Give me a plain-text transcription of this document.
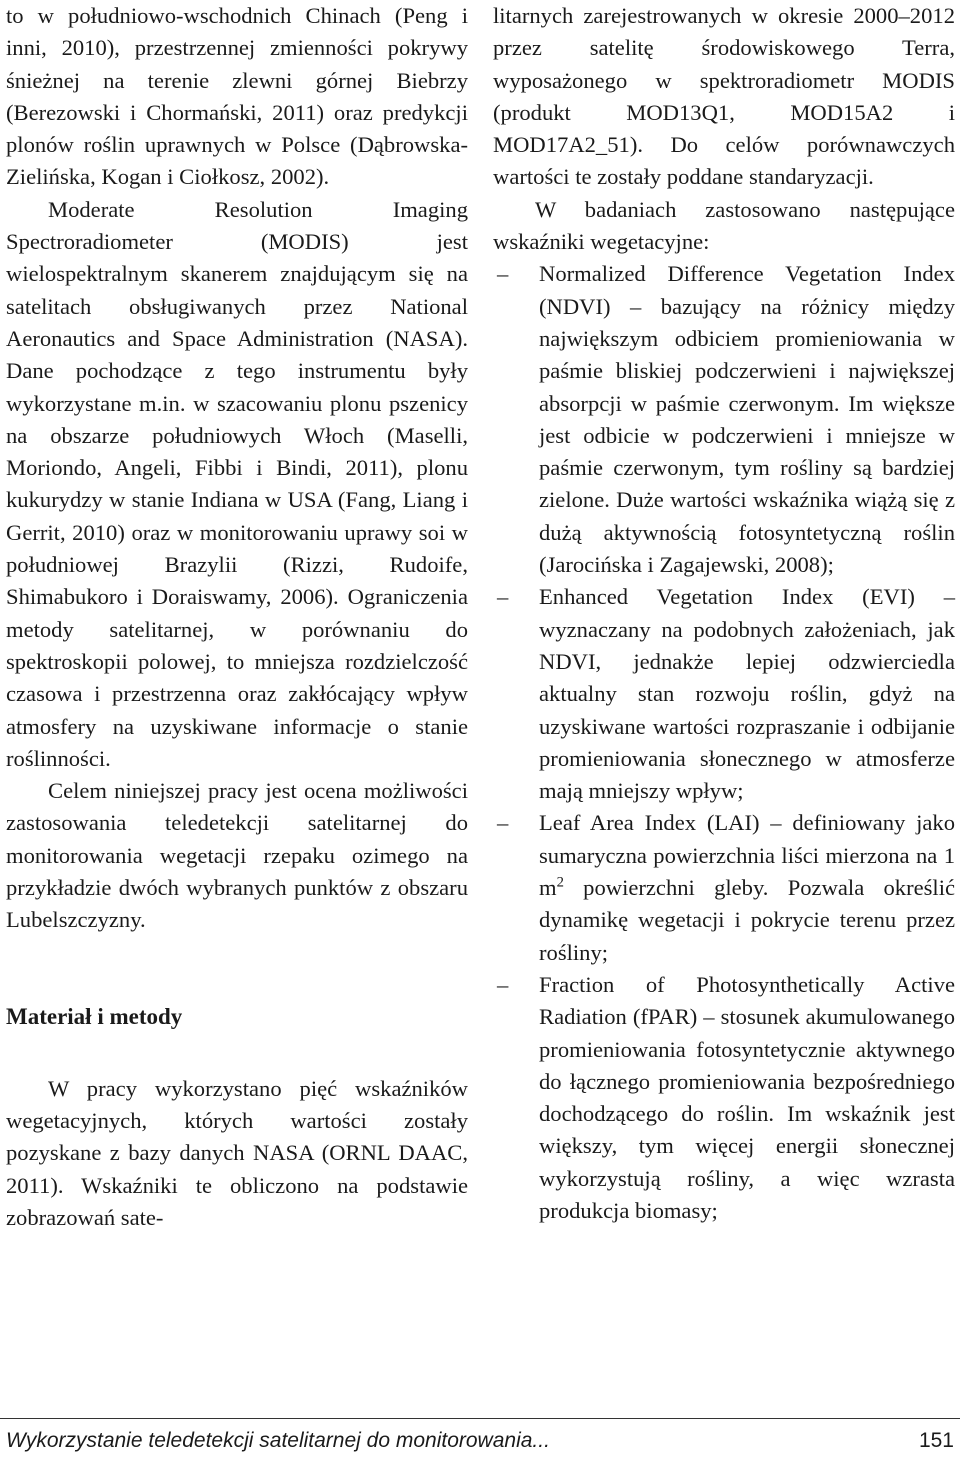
to w południowo-wschodnich Chinach (Peng i inni, 2010), przestrzennej zmienności pokrywy śnieżnej na terenie zlewni górnej Biebrzy (Berezowski i Chormański, 2011) oraz predykcji plonów roślin uprawnych w Polsce (Dąbrowska-Zielińska, Kogan i Ciołkosz, 2002).

Moderate Resolution Imaging Spectroradiometer (MODIS) jest wielospektralnym skanerem znajdującym się na satelitach obsługiwanych przez National Aeronautics and Space Administration (NASA). Dane pochodzące z tego instrumentu były wykorzystane m.in. w szacowaniu plonu pszenicy na obszarze południowych Włoch (Maselli, Moriondo, Angeli, Fibbi i Bindi, 2011), plonu kukurydzy w stanie Indiana w USA (Fang, Liang i Gerrit, 2010) oraz w monitorowaniu uprawy soi w południowej Brazylii (Rizzi, Rudoife, Shimabukoro i Doraiswamy, 2006). Ograniczenia metody satelitarnej, w porównaniu do spektroskopii polowej, to mniejsza rozdzielczość czasowa i przestrzenna oraz zakłócający wpływ atmosfery na uzyskiwane informacje o stanie roślinności.

Celem niniejszej pracy jest ocena możliwości zastosowania teledetekcji satelitarnej do monitorowania wegetacji rzepaku ozimego na przykładzie dwóch wybranych punktów z obszaru Lubelszczyzny.

Materiał i metody

W pracy wykorzystano pięć wskaźników wegetacyjnych, których wartości zostały pozyskane z bazy danych NASA (ORNL DAAC, 2011). Wskaźniki te obliczono na podstawie zobrazowań sate-

litarnych zarejestrowanych w okresie 2000–2012 przez satelitę środowiskowego Terra, wyposażonego w spektroradiometr MODIS (produkt MOD13Q1, MOD15A2 i MOD17A2_51). Do celów porównawczych wartości te zostały poddane standaryzacji.

W badaniach zastosowano następujące wskaźniki wegetacyjne:

– Normalized Difference Vegetation Index (NDVI) – bazujący na różnicy między największym odbiciem promieniowania w paśmie bliskiej podczerwieni i największej absorpcji w paśmie czerwonym. Im większe jest odbicie w podczerwieni i mniejsze w paśmie czerwonym, tym rośliny są bardziej zielone. Duże wartości wskaźnika wiążą się z dużą aktywnością fotosyntetyczną roślin (Jarocińska i Zagajewski, 2008);
– Enhanced Vegetation Index (EVI) – wyznaczany na podobnych założeniach, jak NDVI, jednakże lepiej odzwierciedla aktualny stan rozwoju roślin, gdyż na uzyskiwane wartości rozpraszanie i odbijanie promieniowania słonecznego w atmosferze mają mniejszy wpływ;
– Leaf Area Index (LAI) – definiowany jako sumaryczna powierzchnia liści mierzona na 1 $m^2$ powierzchni gleby. Pozwala określić dynamikę wegetacji i pokrycie terenu przez rośliny;
– Fraction of Photosynthetically Active Radiation (fPAR) – stosunek akumulowanego promieniowania fotosyntetycznie aktywnego do łącznego promieniowania bezpośredniego dochodzącego do roślin. Im wskaźnik jest większy, tym więcej energii słonecznej wykorzystują rośliny, a więc wzrasta produkcja biomasy;
Wykorzystanie teledetekcji satelitarnej do monitorowania...	151
